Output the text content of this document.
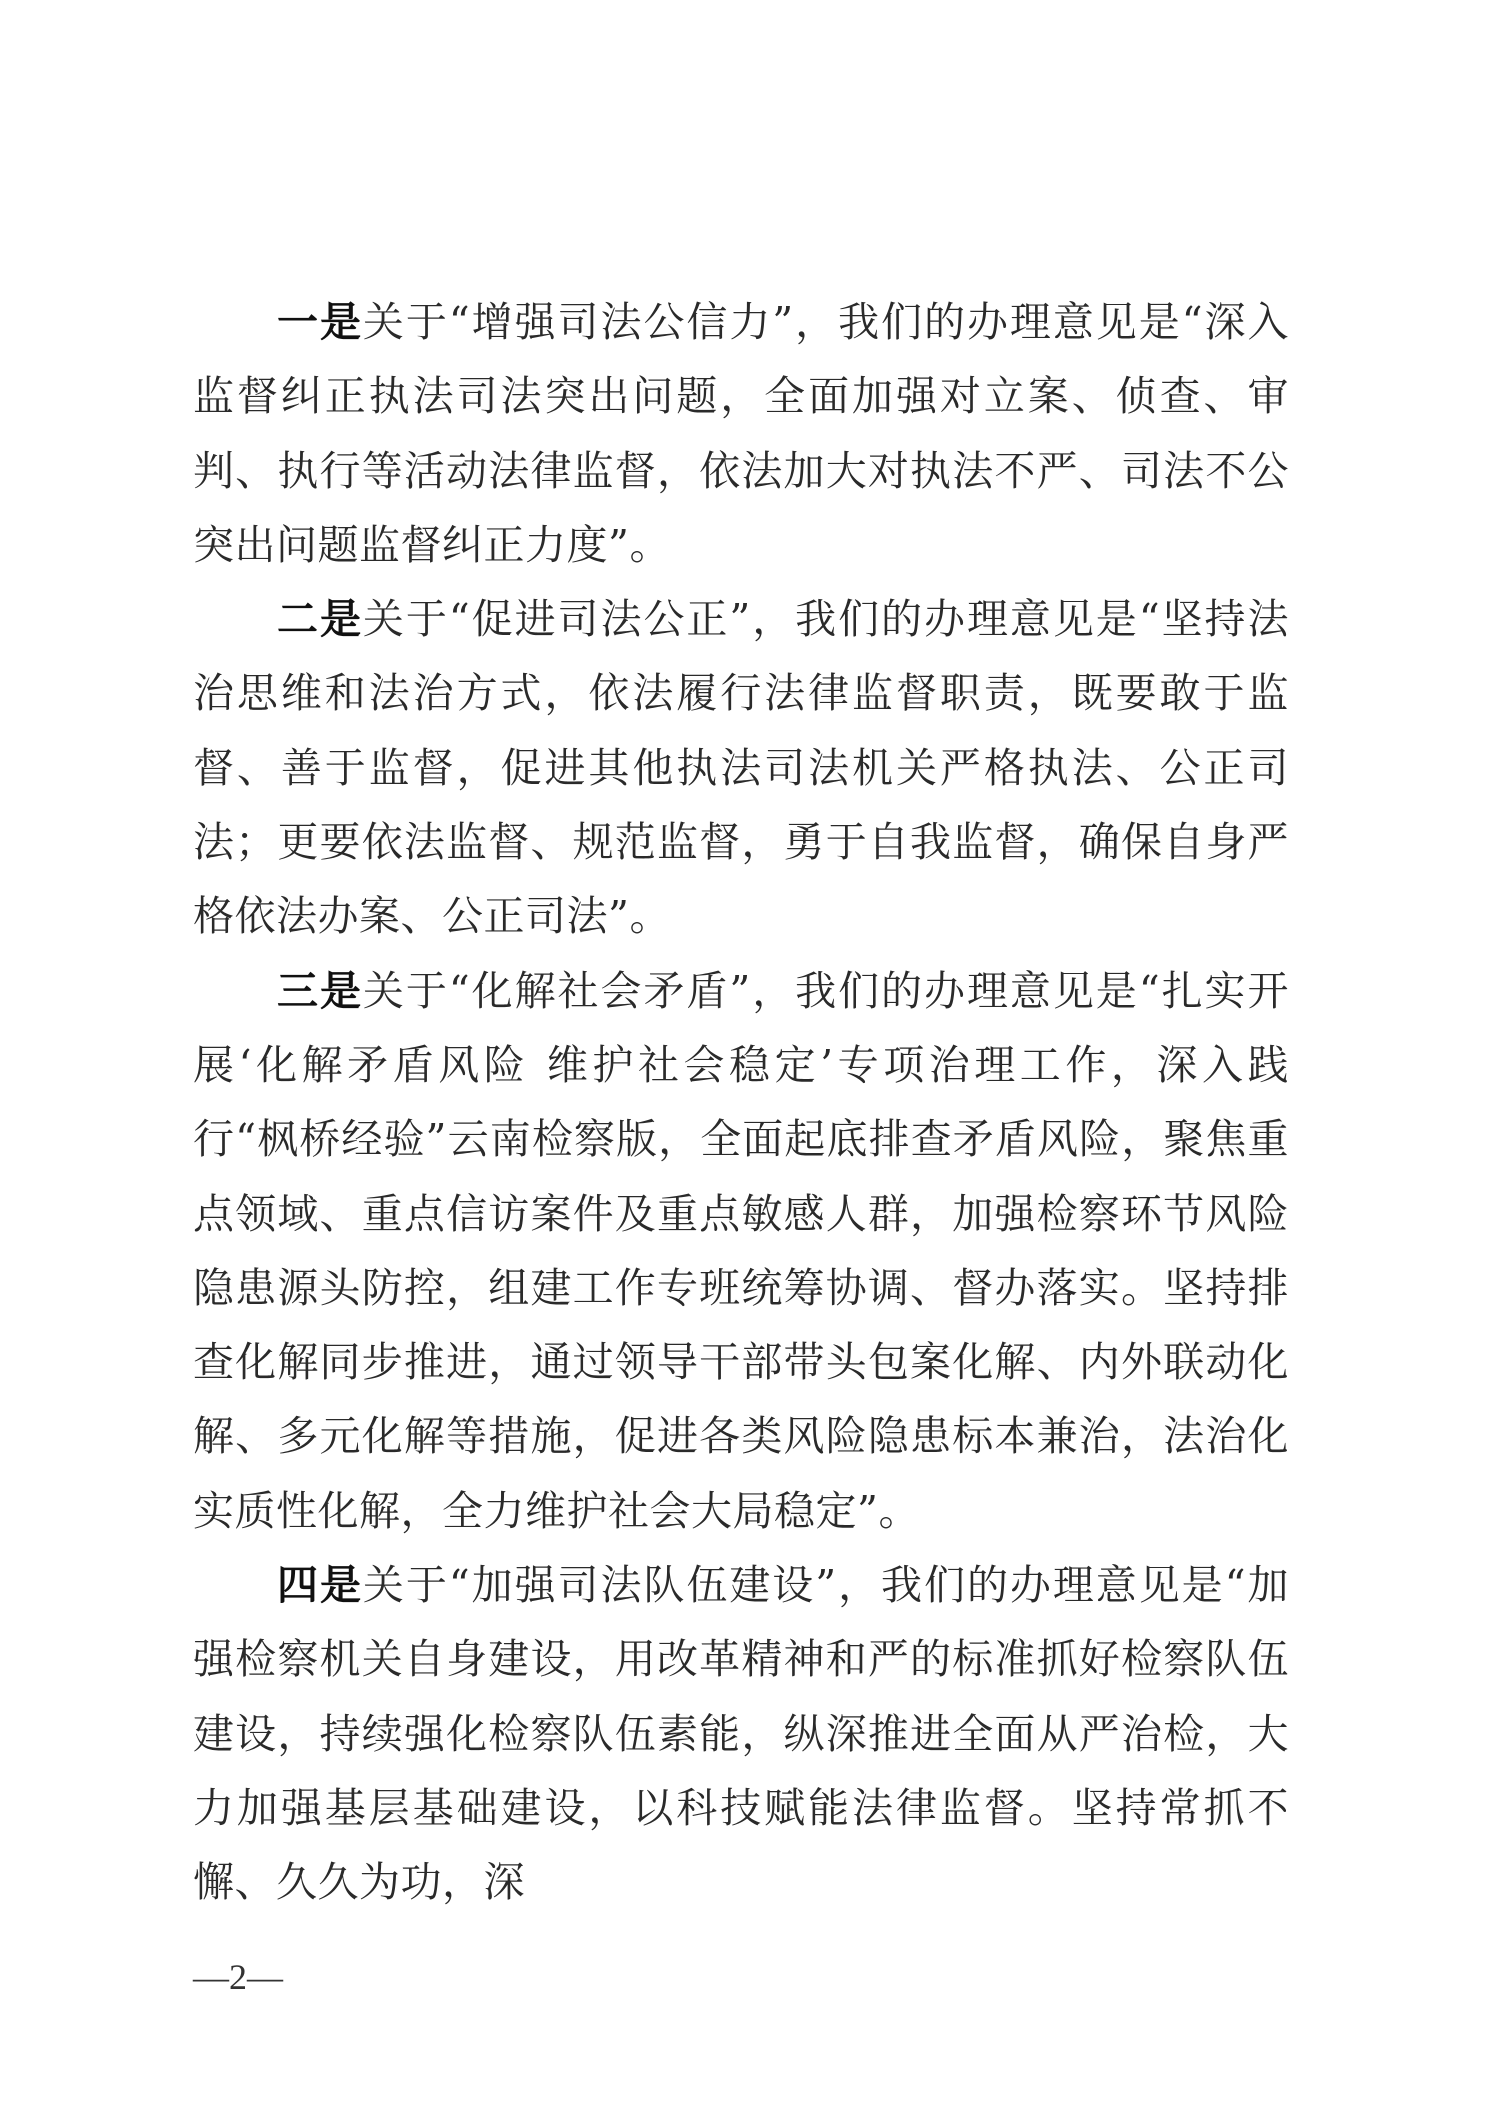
一是关于“增强司法公信力”，我们的办理意见是“深入监督纠正执法司法突出问题，全面加强对立案、侦查、审判、执行等活动法律监督，依法加大对执法不严、司法不公突出问题监督纠正力度”。

二是关于“促进司法公正”，我们的办理意见是“坚持法治思维和法治方式，依法履行法律监督职责，既要敢于监督、善于监督，促进其他执法司法机关严格执法、公正司法；更要依法监督、规范监督，勇于自我监督，确保自身严格依法办案、公正司法”。

三是关于“化解社会矛盾”，我们的办理意见是“扎实开展‘化解矛盾风险 维护社会稳定’专项治理工作，深入践行“枫桥经验”云南检察版，全面起底排查矛盾风险，聚焦重点领域、重点信访案件及重点敏感人群，加强检察环节风险隐患源头防控，组建工作专班统筹协调、督办落实。坚持排查化解同步推进，通过领导干部带头包案化解、内外联动化解、多元化解等措施，促进各类风险隐患标本兼治，法治化实质性化解，全力维护社会大局稳定”。

四是关于“加强司法队伍建设”，我们的办理意见是“加强检察机关自身建设，用改革精神和严的标准抓好检察队伍建设，持续强化检察队伍素能，纵深推进全面从严治检，大力加强基层基础建设，以科技赋能法律监督。坚持常抓不懈、久久为功，深

—2—
